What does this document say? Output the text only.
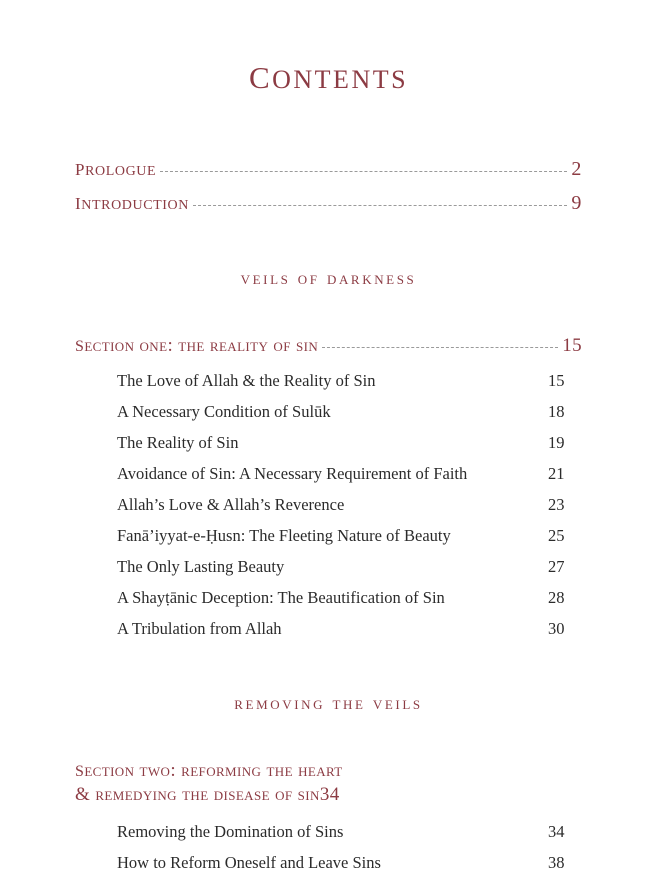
contents
prologue	2
introduction	9
veils of darkness
section one: the reality of sin	15
The Love of Allah & the Reality of Sin	15
A Necessary Condition of Sulūk	18
The Reality of Sin	19
Avoidance of Sin: A Necessary Requirement of Faith	21
Allah’s Love & Allah’s Reverence	23
Fanā’iyyat-e-Ḥusn: The Fleeting Nature of Beauty	25
The Only Lasting Beauty	27
A Shayṭānic Deception: The Beautification of Sin	28
A Tribulation from Allah	30
removing the veils
section two: reforming the heart
& remedying the disease of sin 34
Removing the Domination of Sins	34
How to Reform Oneself and Leave Sins	38
